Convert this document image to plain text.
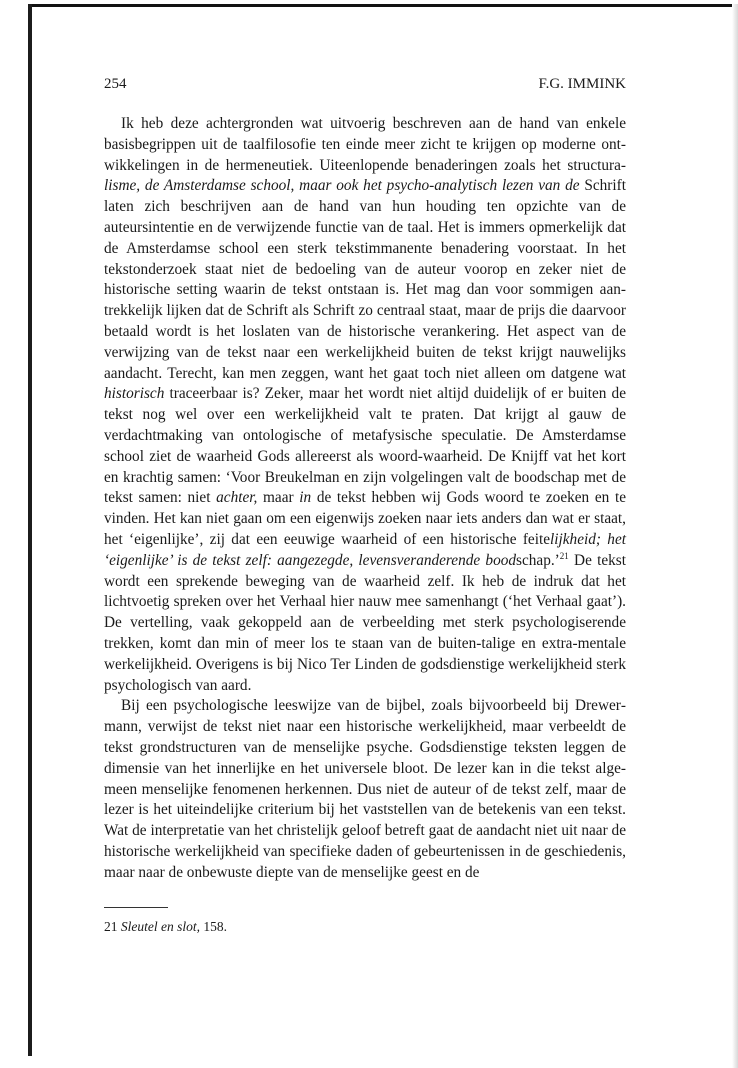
254	F.G. IMMINK

Ik heb deze achtergronden wat uitvoerig beschreven aan de hand van enkele basisbegrippen uit de taalfilosofie ten einde meer zicht te krijgen op moderne ontwikkelingen in de hermeneutiek. Uiteenlopende benaderingen zoals het structuralisme, de Amsterdamse school, maar ook het psycho-analytisch lezen van de Schrift laten zich beschrijven aan de hand van hun houding ten opzichte van de auteursintentie en de verwijzende functie van de taal. Het is immers opmerkelijk dat de Amsterdamse school een sterk tekstimmanente benadering voorstaat. In het tekstonderzoek staat niet de bedoeling van de auteur voorop en zeker niet de historische setting waarin de tekst ontstaan is. Het mag dan voor sommigen aantrekkelijk lijken dat de Schrift als Schrift zo centraal staat, maar de prijs die daarvoor betaald wordt is het loslaten van de historische verankering. Het aspect van de verwijzing van de tekst naar een werkelijkheid buiten de tekst krijgt nauwelijks aandacht. Terecht, kan men zeggen, want het gaat toch niet alleen om datgene wat historisch traceerbaar is? Zeker, maar het wordt niet altijd duidelijk of er buiten de tekst nog wel over een werkelijkheid valt te praten. Dat krijgt al gauw de verdachtmaking van ontologische of metafysische speculatie. De Amsterdamse school ziet de waarheid Gods allereerst als woord-waarheid. De Knijff vat het kort en krachtig samen: ‘Voor Breukelman en zijn volgelingen valt de boodschap met de tekst samen: niet achter, maar in de tekst hebben wij Gods woord te zoeken en te vinden. Het kan niet gaan om een eigenwijs zoeken naar iets anders dan wat er staat, het ‘eigenlijke’, zij dat een eeuwige waarheid of een historische feitelijkheid; het ‘eigenlijke’ is de tekst zelf: aangezegde, levensveranderende boodschap.’$^{21}$ De tekst wordt een sprekende beweging van de waarheid zelf. Ik heb de indruk dat het lichtvoetig spreken over het Verhaal hier nauw mee samenhangt (‘het Verhaal gaat’). De vertelling, vaak gekoppeld aan de verbeelding met sterk psychologiserende trekken, komt dan min of meer los te staan van de buiten-talige en extra-mentale werkelijkheid. Overigens is bij Nico Ter Linden de godsdienstige werkelijkheid sterk psychologisch van aard.

Bij een psychologische leeswijze van de bijbel, zoals bijvoorbeeld bij Drewermann, verwijst de tekst niet naar een historische werkelijkheid, maar verbeeldt de tekst grondstructuren van de menselijke psyche. Godsdienstige teksten leggen de dimensie van het innerlijke en het universele bloot. De lezer kan in die tekst algemeen menselijke fenomenen herkennen. Dus niet de auteur of de tekst zelf, maar de lezer is het uiteindelijke criterium bij het vaststellen van de betekenis van een tekst. Wat de interpretatie van het christelijk geloof betreft gaat de aandacht niet uit naar de historische werkelijkheid van specifieke daden of gebeurtenissen in de geschiedenis, maar naar de onbewuste diepte van de menselijke geest en de

21 Sleutel en slot, 158.
